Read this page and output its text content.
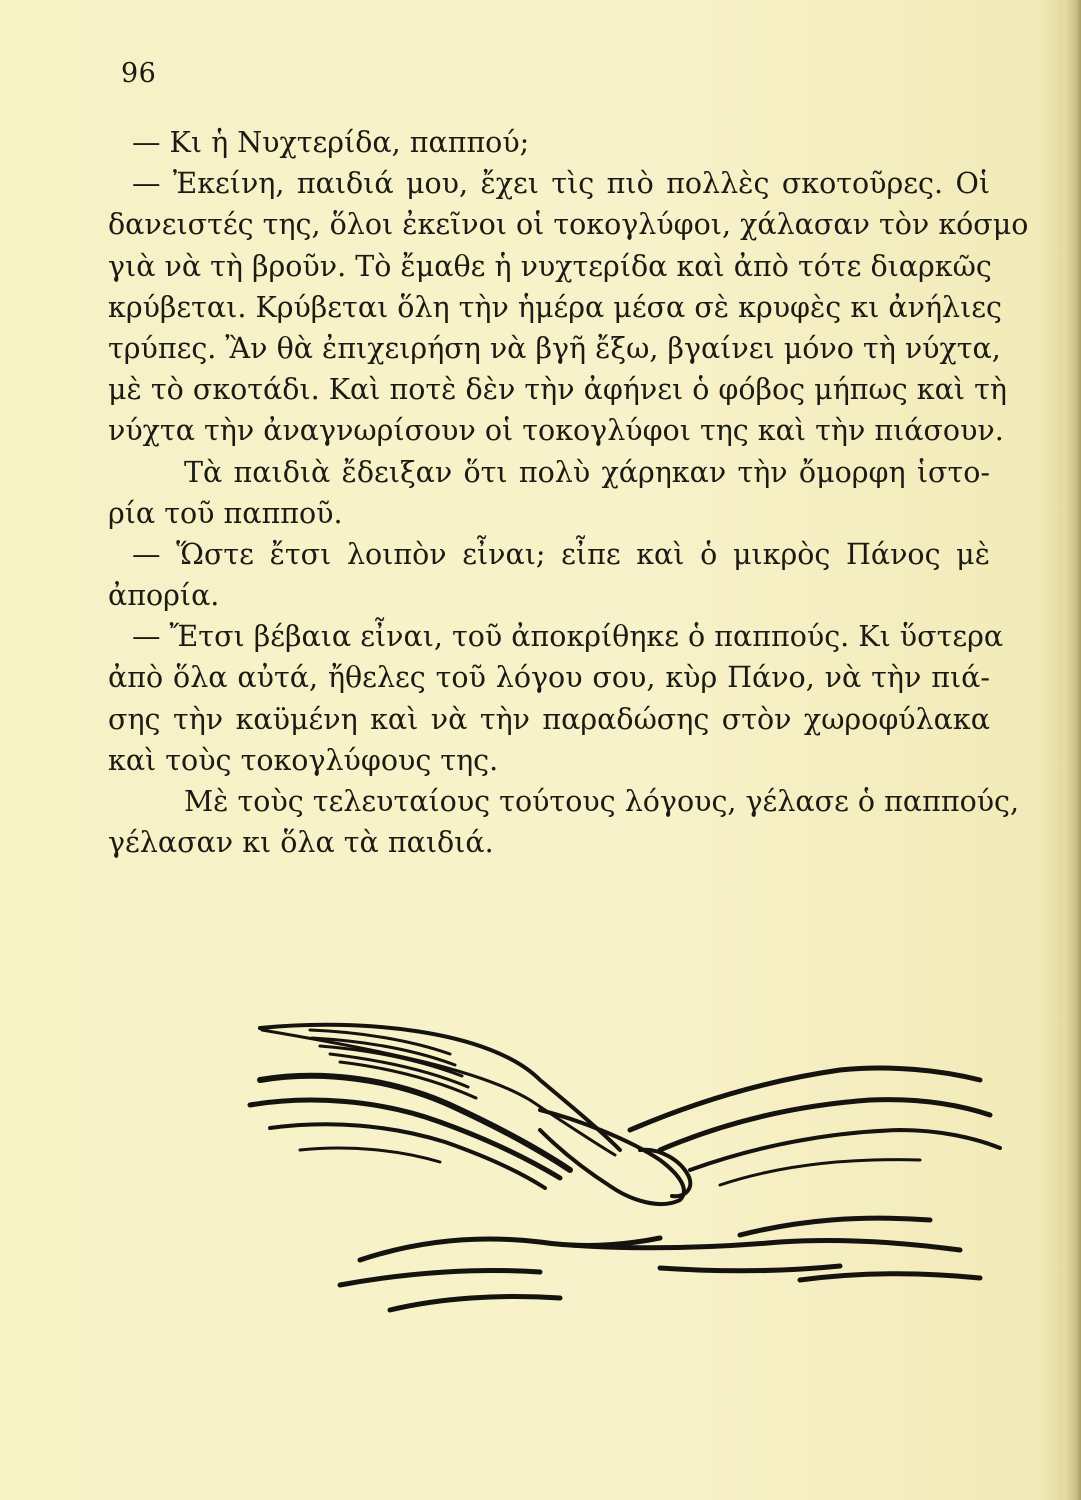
96
— Κι ἡ Νυχτερίδα, παππού;
— Ἐκείνη, παιδιά μου, ἔχει τὶς πιὸ πολλὲς σκοτοῦρες. Οἱ
δανειστές της, ὅλοι ἐκεῖνοι οἱ τοκογλύφοι, χάλασαν τὸν κόσμο
γιὰ νὰ τὴ βροῦν. Τὸ ἔμαθε ἡ νυχτερίδα καὶ ἀπὸ τότε διαρκῶς
κρύβεται. Κρύβεται ὅλη τὴν ἡμέρα μέσα σὲ κρυφὲς κι ἀνήλιες
τρύπες. Ἂν θὰ ἐπιχειρήση νὰ βγῆ ἔξω, βγαίνει μόνο τὴ νύχτα,
μὲ τὸ σκοτάδι. Καὶ ποτὲ δὲν τὴν ἀφήνει ὁ φόβος μήπως καὶ τὴ
νύχτα τὴν ἀναγνωρίσουν οἱ τοκογλύφοι της καὶ τὴν πιάσουν.
Τὰ παιδιὰ ἔδειξαν ὅτι πολὺ χάρηκαν τὴν ὄμορφη ἱστο-
ρία τοῦ παπποῦ.
— Ὥστε ἔτσι λοιπὸν εἶναι; εἶπε καὶ ὁ μικρὸς Πάνος μὲ
ἀπορία.
— Ἔτσι βέβαια εἶναι, τοῦ ἀποκρίθηκε ὁ παππούς. Κι ὕστερα
ἀπὸ ὅλα αὐτά, ἤθελες τοῦ λόγου σου, κὺρ Πάνο, νὰ τὴν πιά-
σης τὴν καϋμένη καὶ νὰ τὴν παραδώσης στὸν χωροφύλακα
καὶ τοὺς τοκογλύφους της.
Μὲ τοὺς τελευταίους τούτους λόγους, γέλασε ὁ παππούς,
γέλασαν κι ὅλα τὰ παιδιά.
